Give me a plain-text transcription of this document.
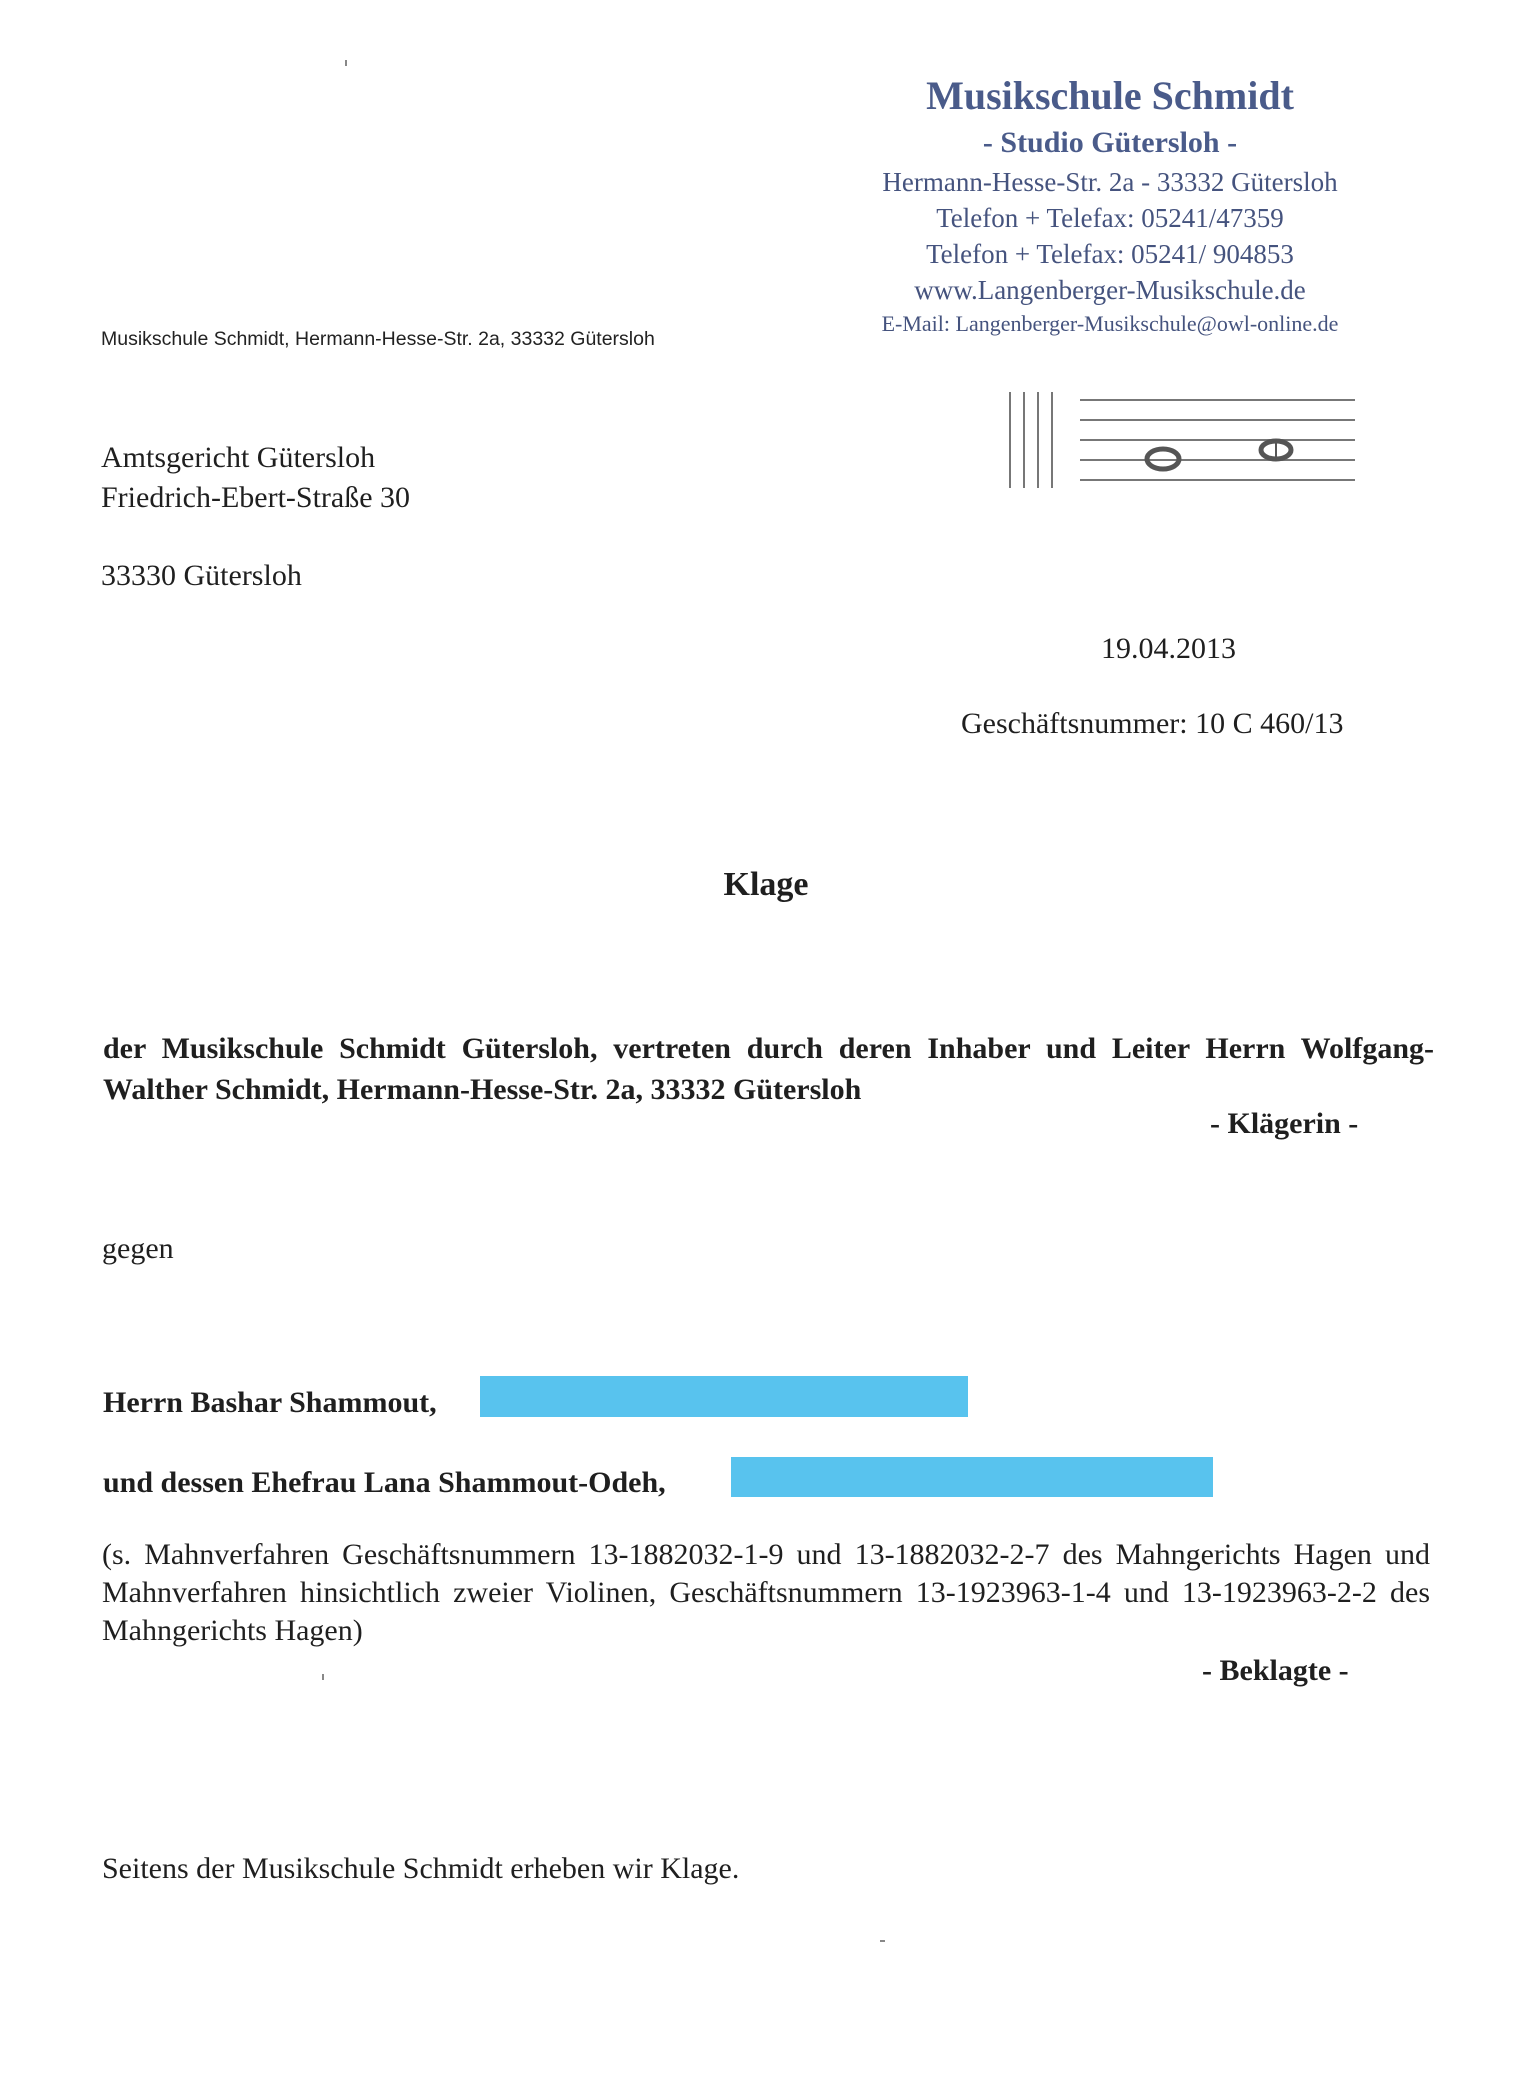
Musikschule Schmidt
- Studio Gütersloh -
Hermann-Hesse-Str. 2a - 33332 Gütersloh
Telefon + Telefax: 05241/47359
Telefon + Telefax: 05241/ 904853
www.Langenberger-Musikschule.de
E-Mail: Langenberger-Musikschule@owl-online.de
Musikschule Schmidt, Hermann-Hesse-Str. 2a, 33332 Gütersloh
Amtsgericht Gütersloh
Friedrich-Ebert-Straße 30
33330 Gütersloh
19.04.2013
Geschäftsnummer: 10 C 460/13
Klage
der Musikschule Schmidt Gütersloh, vertreten durch deren Inhaber und Leiter Herrn Wolfgang-Walther Schmidt, Hermann-Hesse-Str. 2a, 33332 Gütersloh
- Klägerin -
gegen
Herrn Bashar Shammout,
und dessen Ehefrau Lana Shammout-Odeh,
(s. Mahnverfahren Geschäftsnummern 13-1882032-1-9 und 13-1882032-2-7 des Mahngerichts Hagen und Mahnverfahren hinsichtlich zweier Violinen, Geschäftsnummern 13-1923963-1-4 und 13-1923963-2-2 des Mahngerichts Hagen)
- Beklagte -
Seitens der Musikschule Schmidt erheben wir Klage.
